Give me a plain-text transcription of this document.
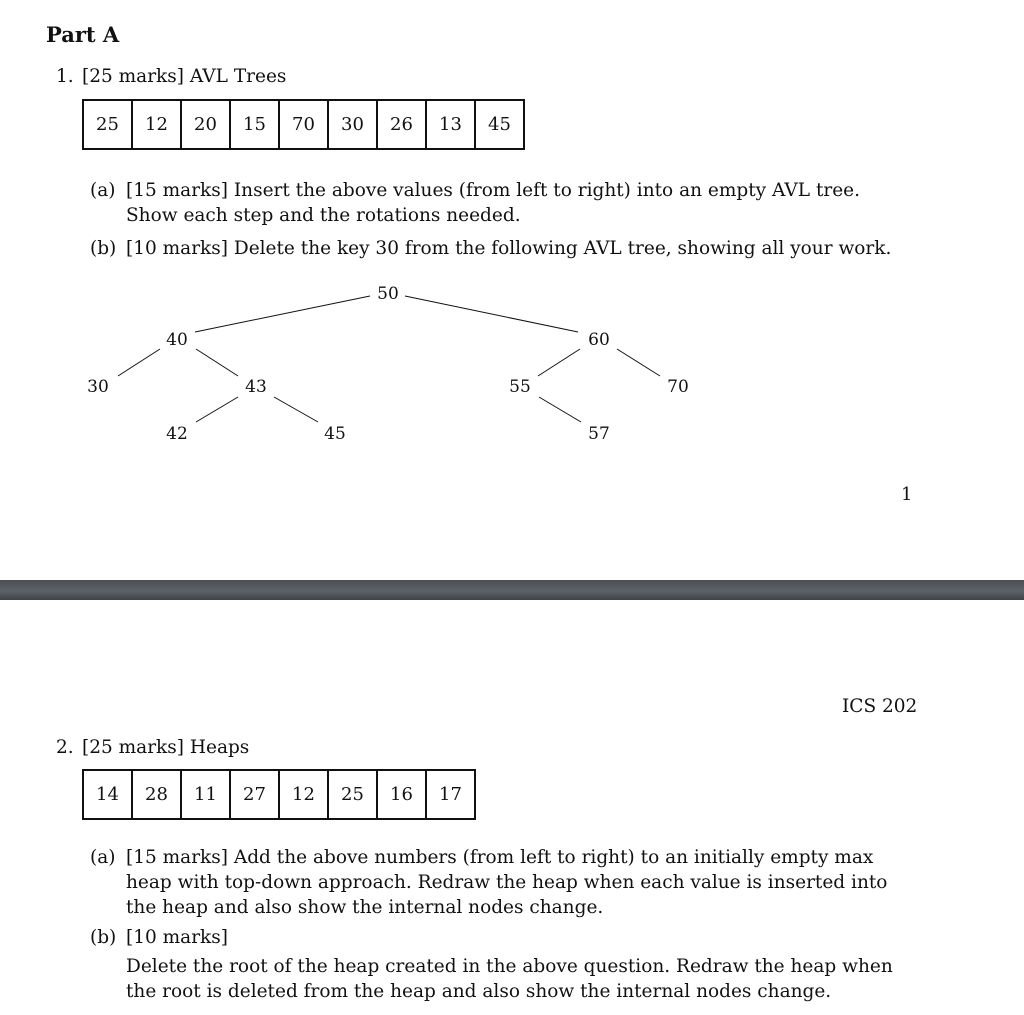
Part A
1. [25 marks] AVL Trees
25	12	20	15	70	30	26	13	45
(a) [15 marks] Insert the above values (from left to right) into an empty AVL tree. Show each step and the rotations needed.
(b) [10 marks] Delete the key 30 from the following AVL tree, showing all your work.
50
40	60
30	43	55	70
42	45	57
1
ICS 202
2. [25 marks] Heaps
14	28	11	27	12	25	16	17
(a) [15 marks] Add the above numbers (from left to right) to an initially empty max heap with top-down approach. Redraw the heap when each value is inserted into the heap and also show the internal nodes change.
(b) [10 marks]
Delete the root of the heap created in the above question. Redraw the heap when the root is deleted from the heap and also show the internal nodes change.
